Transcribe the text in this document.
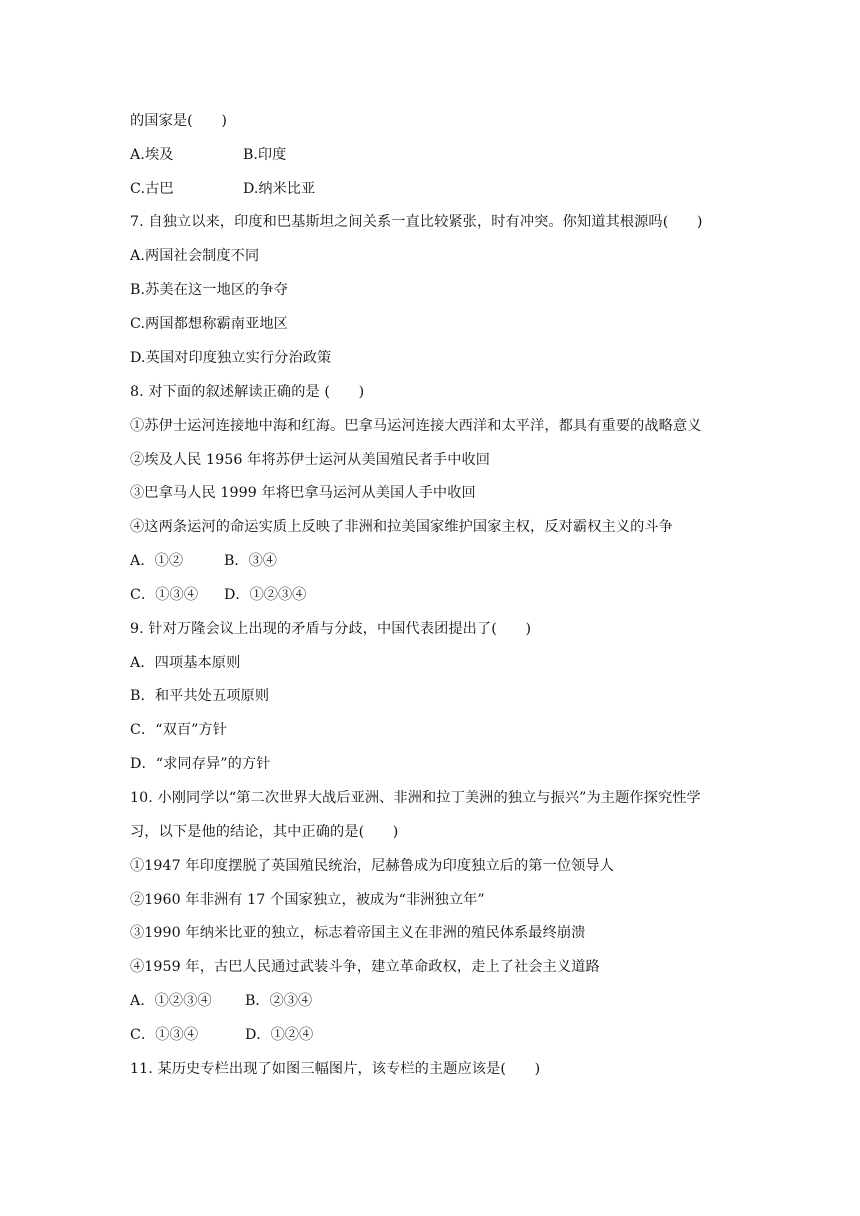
的国家是(　　)
A.埃及	B.印度
C.古巴	D.纳米比亚
7. 自独立以来，印度和巴基斯坦之间关系一直比较紧张，时有冲突。你知道其根源吗(　　)
A.两国社会制度不同
B.苏美在这一地区的争夺
C.两国都想称霸南亚地区
D.英国对印度独立实行分治政策
8. 对下面的叙述解读正确的是 (　　)
①苏伊士运河连接地中海和红海。巴拿马运河连接大西洋和太平洋，都具有重要的战略意义
②埃及人民 1956 年将苏伊士运河从美国殖民者手中收回
③巴拿马人民 1999 年将巴拿马运河从美国人手中收回
④这两条运河的命运实质上反映了非洲和拉美国家维护国家主权，反对霸权主义的斗争
A．①②	B．③④
C．①③④ D．①②③④
9. 针对万隆会议上出现的矛盾与分歧，中国代表团提出了(　　)
A．四项基本原则
B．和平共处五项原则
C．“双百”方针
D．“求同存异”的方针
10. 小刚同学以“第二次世界大战后亚洲、非洲和拉丁美洲的独立与振兴”为主题作探究性学
习，以下是他的结论，其中正确的是(　　)
①1947 年印度摆脱了英国殖民统治，尼赫鲁成为印度独立后的第一位领导人
②1960 年非洲有 17 个国家独立，被成为“非洲独立年”
③1990 年纳米比亚的独立，标志着帝国主义在非洲的殖民体系最终崩溃
④1959 年，古巴人民通过武装斗争，建立革命政权，走上了社会主义道路
A．①②③④ B．②③④
C．①③④	D．①②④
11. 某历史专栏出现了如图三幅图片，该专栏的主题应该是(　　)
